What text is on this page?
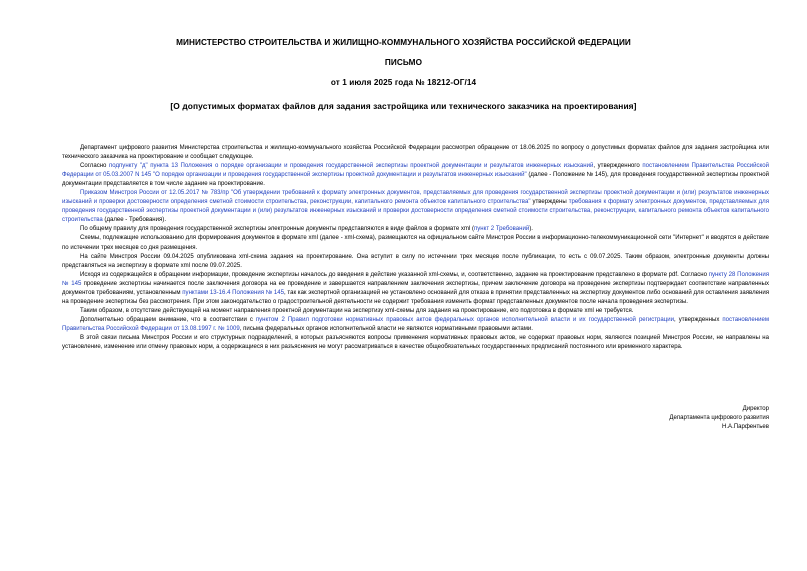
МИНИСТЕРСТВО СТРОИТЕЛЬСТВА И ЖИЛИЩНО-КОММУНАЛЬНОГО ХОЗЯЙСТВА РОССИЙСКОЙ ФЕДЕРАЦИИ
ПИСЬМО
от 1 июля 2025 года № 18212-ОГ/14
[О допустимых форматах файлов для задания застройщика или технического заказчика на проектирования]

Департамент цифрового развития Министерства строительства и жилищно-коммунального хозяйства Российской Федерации рассмотрел обращение от 18.06.2025 по вопросу о допустимых форматах файлов для задания застройщика или технического заказчика на проектирование и сообщает следующее.

Согласно подпункту "д" пункта 13 Положения о порядке организации и проведения государственной экспертизы проектной документации и результатов инженерных изысканий, утвержденного постановлением Правительства Российской Федерации от 05.03.2007 N 145 "О порядке организации и проведения государственной экспертизы проектной документации и результатов инженерных изысканий" (далее - Положение № 145), для проведения государственной экспертизы проектной документации представляется в том числе задание на проектирование.

Приказом Минстроя России от 12.05.2017 № 783/пр "Об утверждении требований к формату электронных документов, представляемых для проведения государственной экспертизы проектной документации и (или) результатов инженерных изысканий и проверки достоверности определения сметной стоимости строительства, реконструкции, капитального ремонта объектов капитального строительства" утверждены требования к формату электронных документов, представляемых для проведения государственной экспертизы проектной документации и (или) результатов инженерных изысканий и проверки достоверности определения сметной стоимости строительства, реконструкции, капитального ремонта объектов капитального строительства (далее - Требования).

По общему правилу для проведения государственной экспертизы электронные документы представляются в виде файлов в формате xml (пункт 2 Требований).

Схемы, подлежащие использованию для формирования документов в формате xml (далее - xml-схема), размещаются на официальном сайте Минстроя России в информационно-телекоммуникационной сети "Интернет" и вводятся в действие по истечении трех месяцев со дня размещения.

На сайте Минстроя России 09.04.2025 опубликована xml-схема задания на проектирование. Она вступит в силу по истечении трех месяцев после публикации, то есть с 09.07.2025. Таким образом, электронные документы должны представляться на экспертизу в формате xml после 09.07.2025.

Исходя из содержащейся в обращении информации, проведение экспертизы началось до введения в действие указанной xml-схемы, и, соответственно, задание на проектирование представлено в формате pdf. Согласно пункту 28 Положения № 145 проведение экспертизы начинается после заключения договора на ее проведение и завершается направлением заключения экспертизы, причем заключение договора на проведение экспертизы подтверждает соответствие направленных документов требованиям, установленным пунктами 13-16.4 Положения № 145, так как экспертной организацией не установлено оснований для отказа в принятии представленных на экспертизу документов либо оснований для оставления заявления на проведение экспертизы без рассмотрения. При этом законодательство о градостроительной деятельности не содержит требования изменить формат представленных документов после начала проведения экспертизы.

Таким образом, в отсутствие действующей на момент направления проектной документации на экспертизу xml-схемы для задания на проектирование, его подготовка в формате xml не требуется.

Дополнительно обращаем внимание, что в соответствии с пунктом 2 Правил подготовки нормативных правовых актов федеральных органов исполнительной власти и их государственной регистрации, утвержденных постановлением Правительства Российской Федерации от 13.08.1997 г. № 1009, письма федеральных органов исполнительной власти не являются нормативными правовыми актами.

В этой связи письма Минстроя России и его структурных подразделений, в которых разъясняются вопросы применения нормативных правовых актов, не содержат правовых норм, являются позицией Минстроя России, не направлены на установление, изменение или отмену правовых норм, а содержащиеся в них разъяснения не могут рассматриваться в качестве общеобязательных государственных предписаний постоянного или временного характера.

Директор
Департамента цифрового развития
Н.А.Парфентьев
